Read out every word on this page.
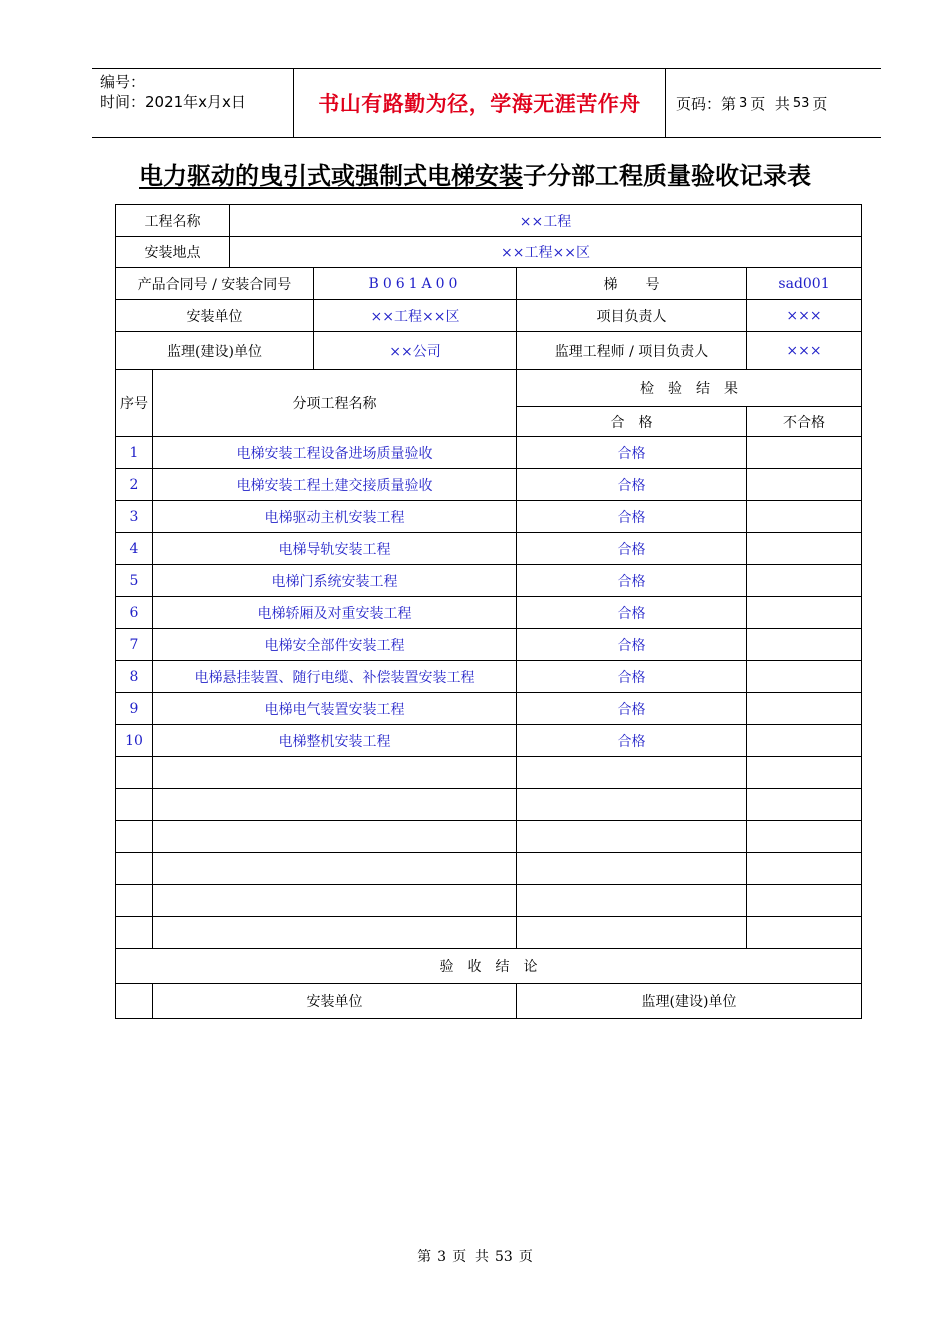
编号：
时间：2021年x月x日	书山有路勤为径，学海无涯苦作舟 页码：第 3 页  共 53 页
电力驱动的曳引式或强制式电梯安装子分部工程质量验收记录表
工程名称		××工程			
安装地点		××工程××区			
产品合同号 / 安装合同号			B061A00	梯　　号	sad001
安装单位			××工程××区	项目负责人	×××
监理(建设)单位			××公司	监理工程师 / 项目负责人	×××
序号	分项工程名称			检　验　结　果	
				合　格	不合格
1	电梯安装工程设备进场质量验收			合格	
2	电梯安装工程土建交接质量验收			合格	
3	电梯驱动主机安装工程			合格	
4	电梯导轨安装工程			合格	
5	电梯门系统安装工程			合格	
6	电梯轿厢及对重安装工程			合格	
7	电梯安全部件安装工程			合格	
8	电梯悬挂装置、随行电缆、补偿装置安装工程			合格	
9	电梯电气装置安装工程			合格	
10	电梯整机安装工程			合格	

验　收　结　论					
	安装单位			监理(建设)单位	
第 3 页  共 53 页
